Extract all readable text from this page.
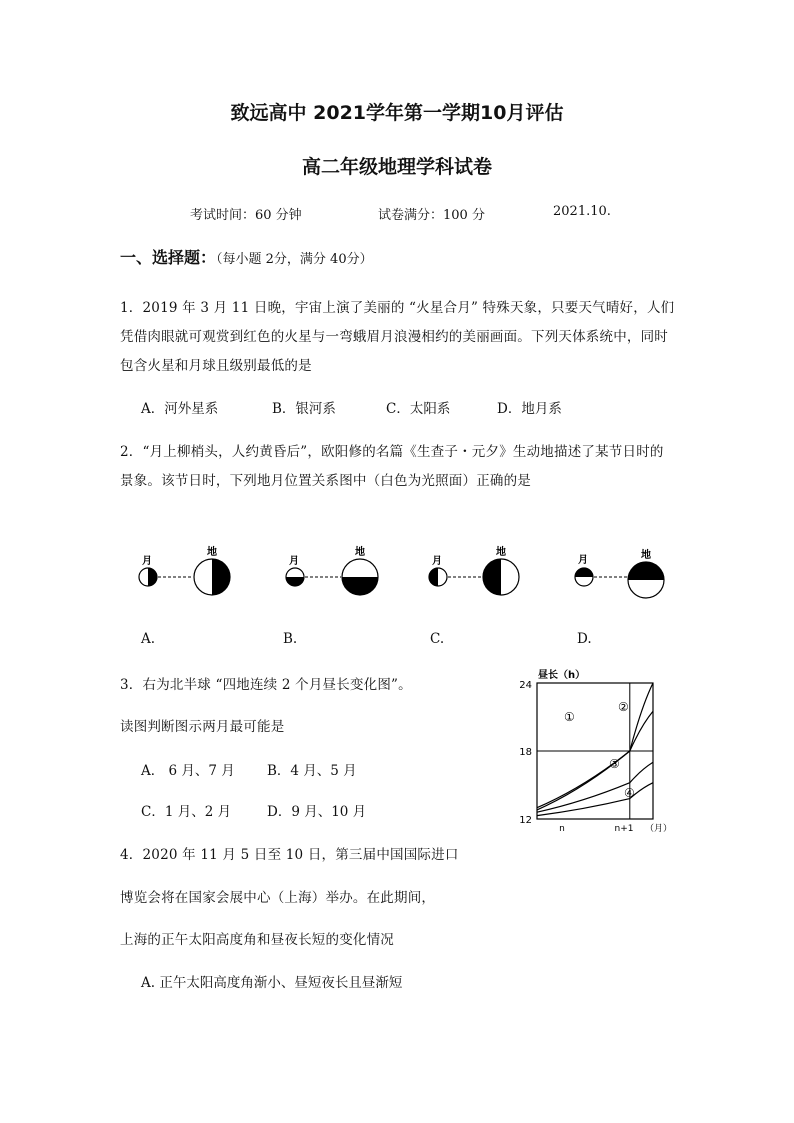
致远高中 2021学年第一学期10月评估
高二年级地理学科试卷
考试时间：60 分钟	试卷满分：100 分	2021.10.
一、选择题：（每小题 2分，满分 40分）
1．2019 年 3 月 11 日晚，宇宙上演了美丽的 “火星合月” 特殊天象，只要天气晴好，人们
凭借肉眼就可观赏到红色的火星与一弯蛾眉月浪漫相约的美丽画面。下列天体系统中，同时
包含火星和月球且级别最低的是
A．河外星系	B．银河系	C．太阳系	D．地月系
2．“月上柳梢头，人约黄昏后”，欧阳修的名篇《生查子・元夕》生动地描述了某节日时的
景象。该节日时，下列地月位置关系图中（白色为光照面）正确的是
月
地
月
地
月
地
月	地
A.	B.	C.	D.
3．右为北半球 “四地连续 2 个月昼长变化图”。
读图判断图示两月最可能是
A． 6 月、7 月 B．4 月、5 月
C．1 月、2 月	D．9 月、10 月
昼长（h）
24
18
12
n	n+1 （月）
①
②
③
④
4．2020 年 11 月 5 日至 10 日，第三届中国国际进口
博览会将在国家会展中心（上海）举办。在此期间，
上海的正午太阳高度角和昼夜长短的变化情况
A. 正午太阳高度角渐小、昼短夜长且昼渐短
